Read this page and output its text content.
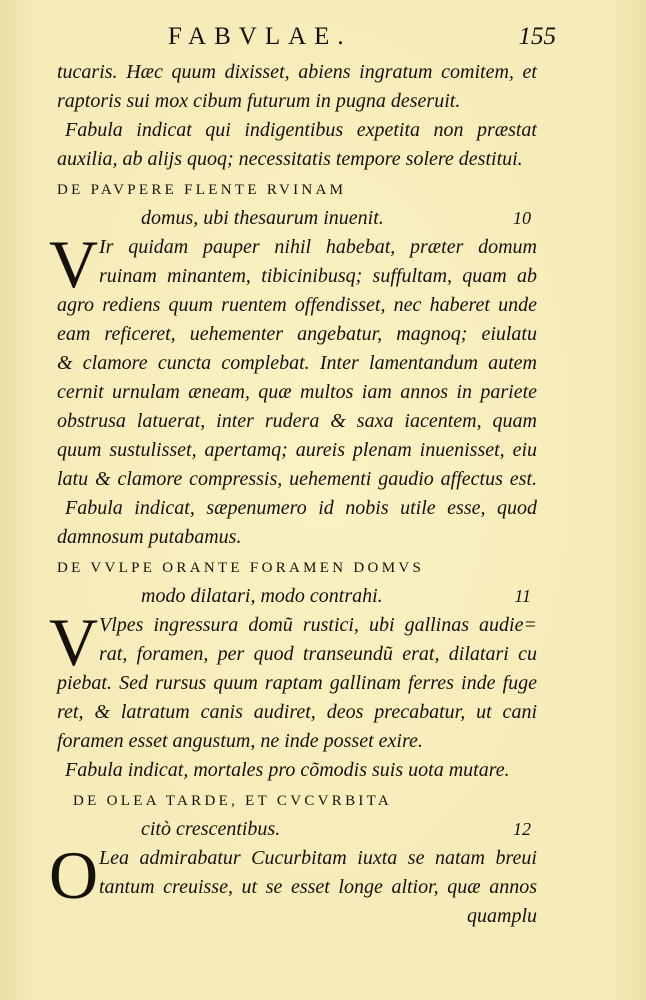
FABVLAE.	155
tucaris. Hæc quum dixisset, abiens ingratum comitem, et
raptoris sui mox cibum futurum in pugna deseruit.
Fabula indicat qui indigentibus expetita non præstat
auxilia, ab alijs quoq; necessitatis tempore solere destitui.
DE PAVPERE FLENTE RVINAM
domus, ubi thesaurum inuenit.	10
V Ir quidam pauper nihil habebat, præter domum
ruinam minantem, tibicinibusq; suffultam, quam ab
agro rediens quum ruentem offendisset, nec haberet unde
eam reficeret, uehementer angebatur, magnoq; eiulatu
& clamore cuncta complebat. Inter lamentandum autem
cernit urnulam æneam, quæ multos iam annos in pariete
obstrusa latuerat, inter rudera & saxa iacentem, quam
quum sustulisset, apertamq; aureis plenam inuenisset, eiu
latu & clamore compressis, uehementi gaudio affectus est.
Fabula indicat, sæpenumero id nobis utile esse, quod
damnosum putabamus.
DE VVLPE ORANTE FORAMEN DOMVS
modo dilatari, modo contrahi.	11
V Vlpes ingressura domũ rustici, ubi gallinas audie=
rat, foramen, per quod transeundũ erat, dilatari cu
piebat. Sed rursus quum raptam gallinam ferres inde fuge
ret, & latratum canis audiret, deos precabatur, ut cani
foramen esset angustum, ne inde posset exire.
Fabula indicat, mortales pro cõmodis suis uota mutare.
DE OLEA TARDE, ET CVCVRBITA
citò crescentibus.	12
O Lea admirabatur Cucurbitam iuxta se natam breui
tantum creuisse, ut se esset longe altior, quæ annos
quamplu
